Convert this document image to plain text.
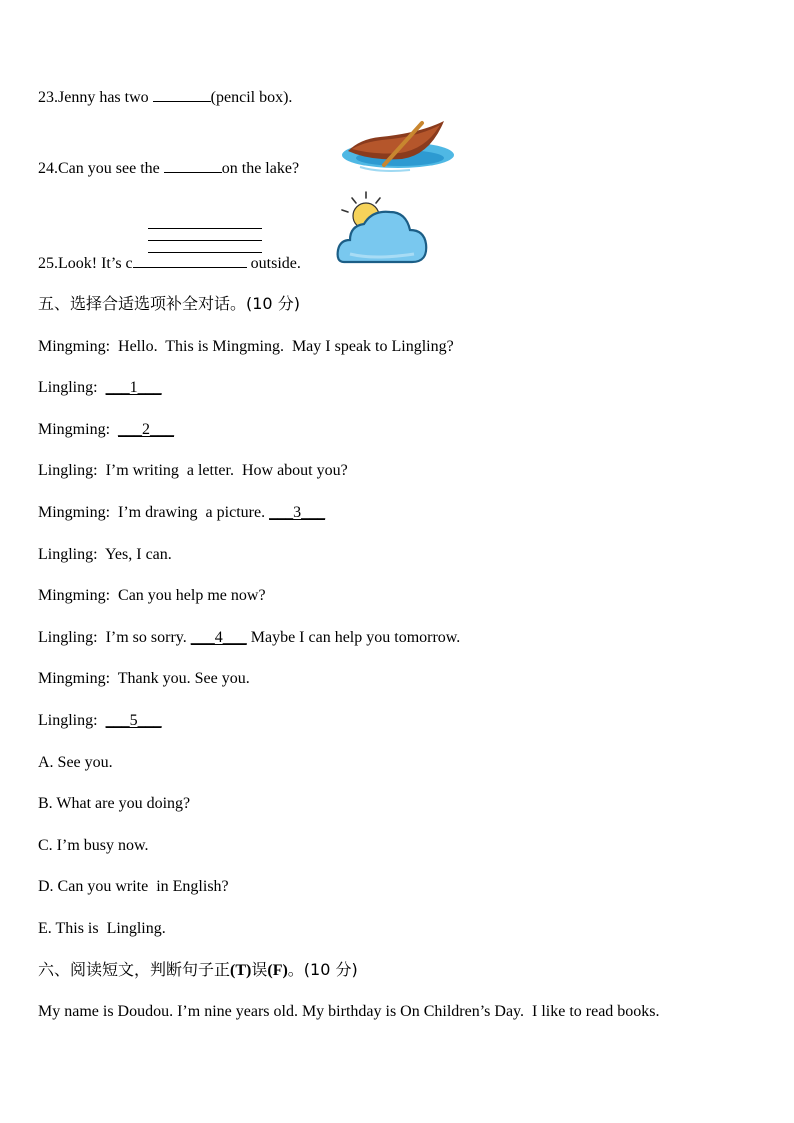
23.Jenny has two	(pencil box).
24.Can you see the	on the lake?
25.Look! It’s c	outside.
五、选择合适选项补全对话。(10 分)
Mingming: Hello.  This is Mingming.  May I speak to Lingling?
Lingling: ___1___
Mingming: ___2___
Lingling: I’m writing  a letter.  How about you?
Mingming: I’m drawing  a picture. ___3___
Lingling: Yes, I can.
Mingming: Can you help me now?
Lingling: I’m so sorry. ___4___ Maybe I can help you tomorrow.
Mingming: Thank you. See you.
Lingling: ___5___
A. See you.
B. What are you doing?
C. I’m busy now.
D. Can you write  in English?
E. This is  Lingling.
六、阅读短文，判断句子正(T)误(F)。(10 分)
My name is Doudou. I’m nine years old. My birthday is On Children’s Day.  I like to read books.
